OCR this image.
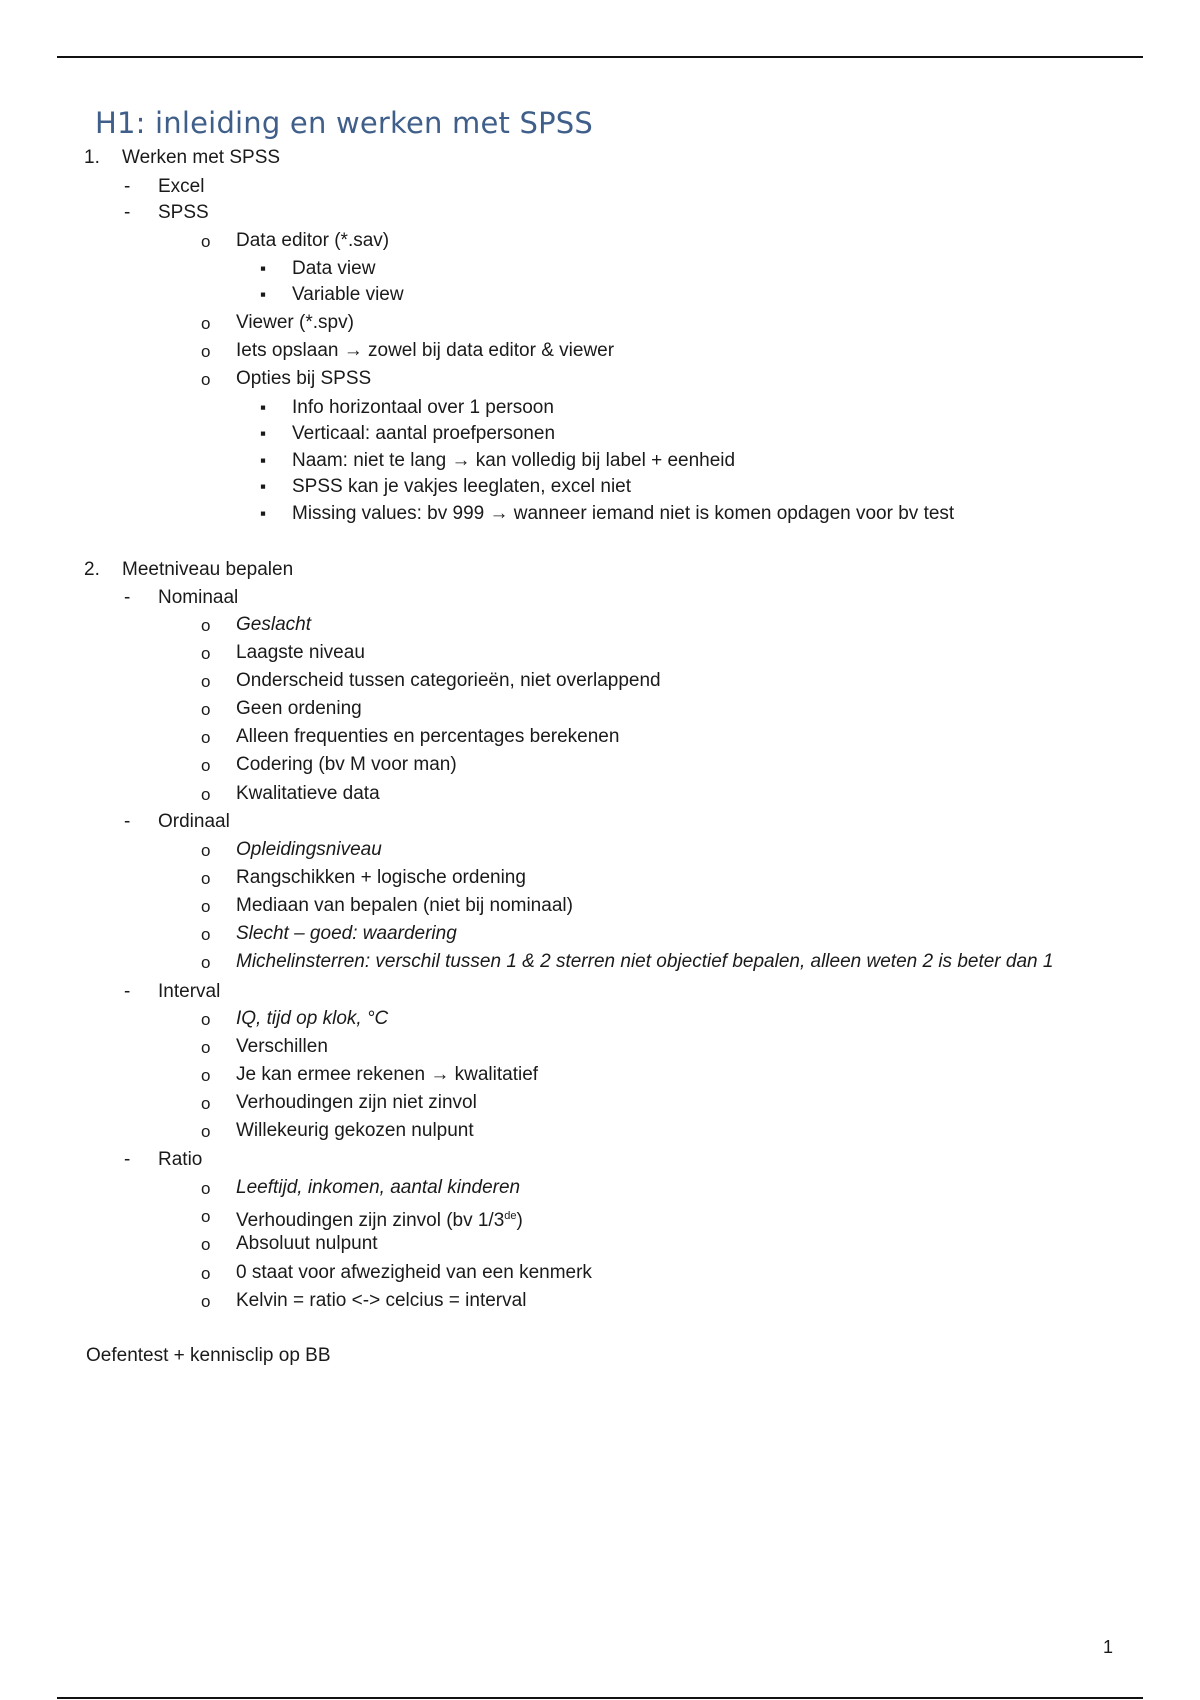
H1: inleiding en werken met SPSS
1. Werken met SPSS
- Excel
- SPSS
o Data editor (*.sav)
▪ Data view
▪ Variable view
o Viewer (*.spv)
o Iets opslaan → zowel bij data editor & viewer
o Opties bij SPSS
▪ Info horizontaal over 1 persoon
▪ Verticaal: aantal proefpersonen
▪ Naam: niet te lang → kan volledig bij label + eenheid
▪ SPSS kan je vakjes leeglaten, excel niet
▪ Missing values: bv 999 → wanneer iemand niet is komen opdagen voor bv test
2. Meetniveau bepalen
- Nominaal
o Geslacht
o Laagste niveau
o Onderscheid tussen categorieën, niet overlappend
o Geen ordening
o Alleen frequenties en percentages berekenen
o Codering (bv M voor man)
o Kwalitatieve data
- Ordinaal
o Opleidingsniveau
o Rangschikken + logische ordening
o Mediaan van bepalen (niet bij nominaal)
o Slecht – goed: waardering
o Michelinsterren: verschil tussen 1 & 2 sterren niet objectief bepalen, alleen weten 2 is beter dan 1
- Interval
o IQ, tijd op klok, °C
o Verschillen
o Je kan ermee rekenen → kwalitatief
o Verhoudingen zijn niet zinvol
o Willekeurig gekozen nulpunt
- Ratio
o Leeftijd, inkomen, aantal kinderen
o Verhoudingen zijn zinvol (bv 1/3de)
o Absoluut nulpunt
o 0 staat voor afwezigheid van een kenmerk
o Kelvin = ratio <-> celcius = interval
Oefentest + kennisclip op BB
1
